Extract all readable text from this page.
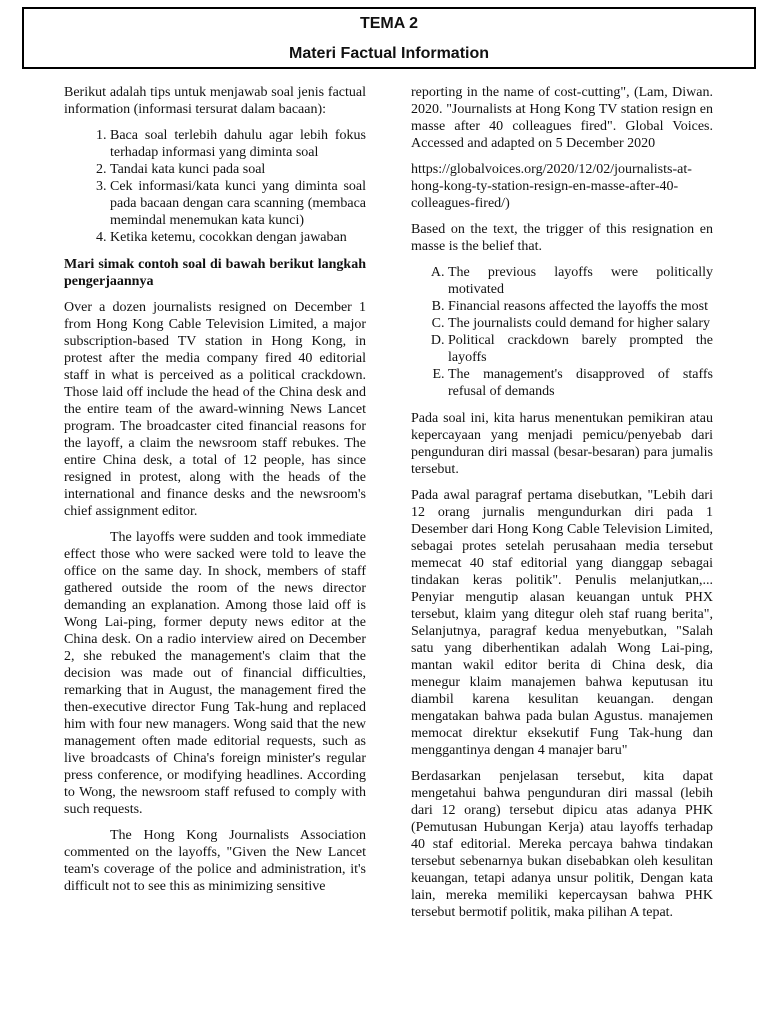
TEMA 2
Materi Factual Information

Berikut adalah tips untuk menjawab soal jenis factual information (informasi tersurat dalam bacaan):

1. Baca soal terlebih dahulu agar lebih fokus terhadap informasi yang diminta soal
2. Tandai kata kunci pada soal
3. Cek informasi/kata kunci yang diminta soal pada bacaan dengan cara scanning (membaca memindal menemukan kata kunci)
4. Ketika ketemu, cocokkan dengan jawaban

Mari simak contoh soal di bawah berikut langkah pengerjaannya

Over a dozen journalists resigned on December 1 from Hong Kong Cable Television Limited, a major subscription-based TV station in Hong Kong, in protest after the media company fired 40 editorial staff in what is perceived as a political crackdown. Those laid off include the head of the China desk and the entire team of the award-winning News Lancet program. The broadcaster cited financial reasons for the layoff, a claim the newsroom staff rebukes. The entire China desk, a total of 12 people, has since resigned in protest, along with the heads of the international and finance desks and the newsroom's chief assignment editor.

The layoffs were sudden and took immediate effect those who were sacked were told to leave the office on the same day. In shock, members of staff gathered outside the room of the news director demanding an explanation. Among those laid off is Wong Lai-ping, former deputy news editor at the China desk. On a radio interview aired on December 2, she rebuked the management's claim that the decision was made out of financial difficulties, remarking that in August, the management fired the then-executive director Fung Tak-hung and replaced him with four new managers. Wong said that the new management often made editorial requests, such as live broadcasts of China's foreign minister's regular press conference, or modifying headlines. According to Wong, the newsroom staff refused to comply with such requests.

The Hong Kong Journalists Association commented on the layoffs, "Given the New Lancet team's coverage of the police and administration, it's difficult not to see this as minimizing sensitive

reporting in the name of cost-cutting", (Lam, Diwan. 2020. "Journalists at Hong Kong TV station resign en masse after 40 colleagues fired". Global Voices. Accessed and adapted on 5 December 2020

https://globalvoices.org/2020/12/02/journalists-at-hong-kong-ty-station-resign-en-masse-after-40-colleagues-fired/)

Based on the text, the trigger of this resignation en masse is the belief that.

A. The previous layoffs were politically motivated
B. Financial reasons affected the layoffs the most
C. The journalists could demand for higher salary
D. Political crackdown barely prompted the layoffs
E. The management's disapproved of staffs refusal of demands

Pada soal ini, kita harus menentukan pemikiran atau kepercayaan yang menjadi pemicu/penyebab dari pengunduran diri massal (besar-besaran) para jumalis tersebut.

Pada awal paragraf pertama disebutkan, "Lebih dari 12 orang jurnalis mengundurkan diri pada 1 Desember dari Hong Kong Cable Television Limited, sebagai protes setelah perusahaan media tersebut memecat 40 staf editorial yang dianggap sebagai tindakan keras politik". Penulis melanjutkan,... Penyiar mengutip alasan keuangan untuk PHX tersebut, klaim yang ditegur oleh staf ruang berita", Selanjutnya, paragraf kedua menyebutkan, "Salah satu yang diberhentikan adalah Wong Lai-ping, mantan wakil editor berita di China desk, dia menegur klaim manajemen bahwa keputusan itu diambil karena kesulitan keuangan. dengan mengatakan bahwa pada bulan Agustus. manajemen memocat direktur eksekutif Fung Tak-hung dan menggantinya dengan 4 manajer baru"

Berdasarkan penjelasan tersebut, kita dapat mengetahui bahwa pengunduran diri massal (lebih dari 12 orang) tersebut dipicu atas adanya PHK (Pemutusan Hubungan Kerja) atau layoffs terhadap 40 staf editorial. Mereka percaya bahwa tindakan tersebut sebenarnya bukan disebabkan oleh kesulitan keuangan, tetapi adanya unsur politik, Dengan kata lain, mereka memiliki kepercaysan bahwa PHK tersebut bermotif politik, maka pilihan A tepat.
